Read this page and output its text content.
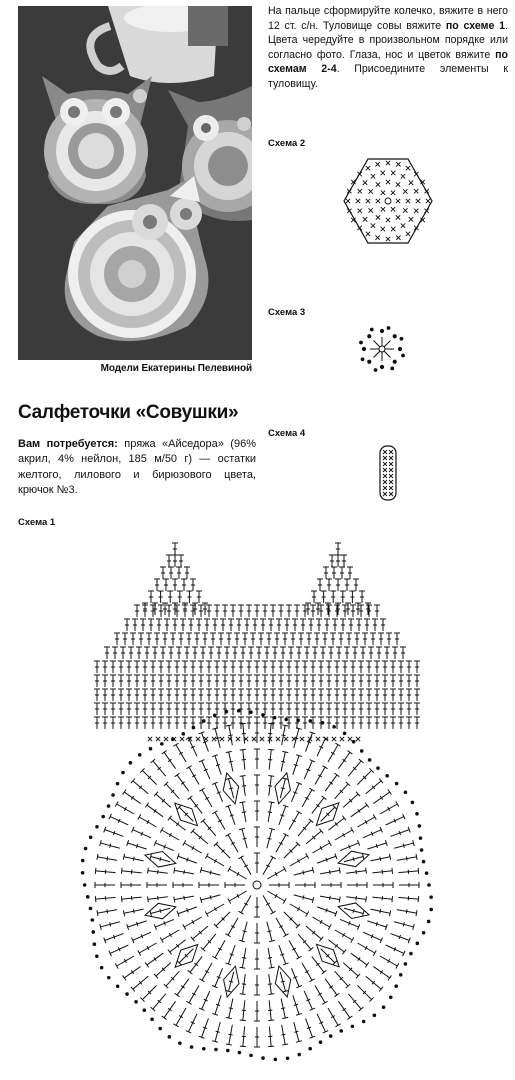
Модели Екатерины Пелевиной
На пальце сформируйте колечко, вяжите в него 12 ст. с/н. Туловище совы вяжите по схеме 1. Цвета чередуйте в произвольном порядке или согласно фото. Глаза, нос и цветок вяжите по схемам 2-4. Присоедините элементы к туловищу.
Схема 2
Схема 3
Схема 4
Салфеточки «Совушки»
Вам потребуется: пряжа «Айседора» (96% акрил, 4% нейлон, 185 м/50 г) — остатки желтого, лилового и бирюзового цвета, крючок №3.
Схема 1
